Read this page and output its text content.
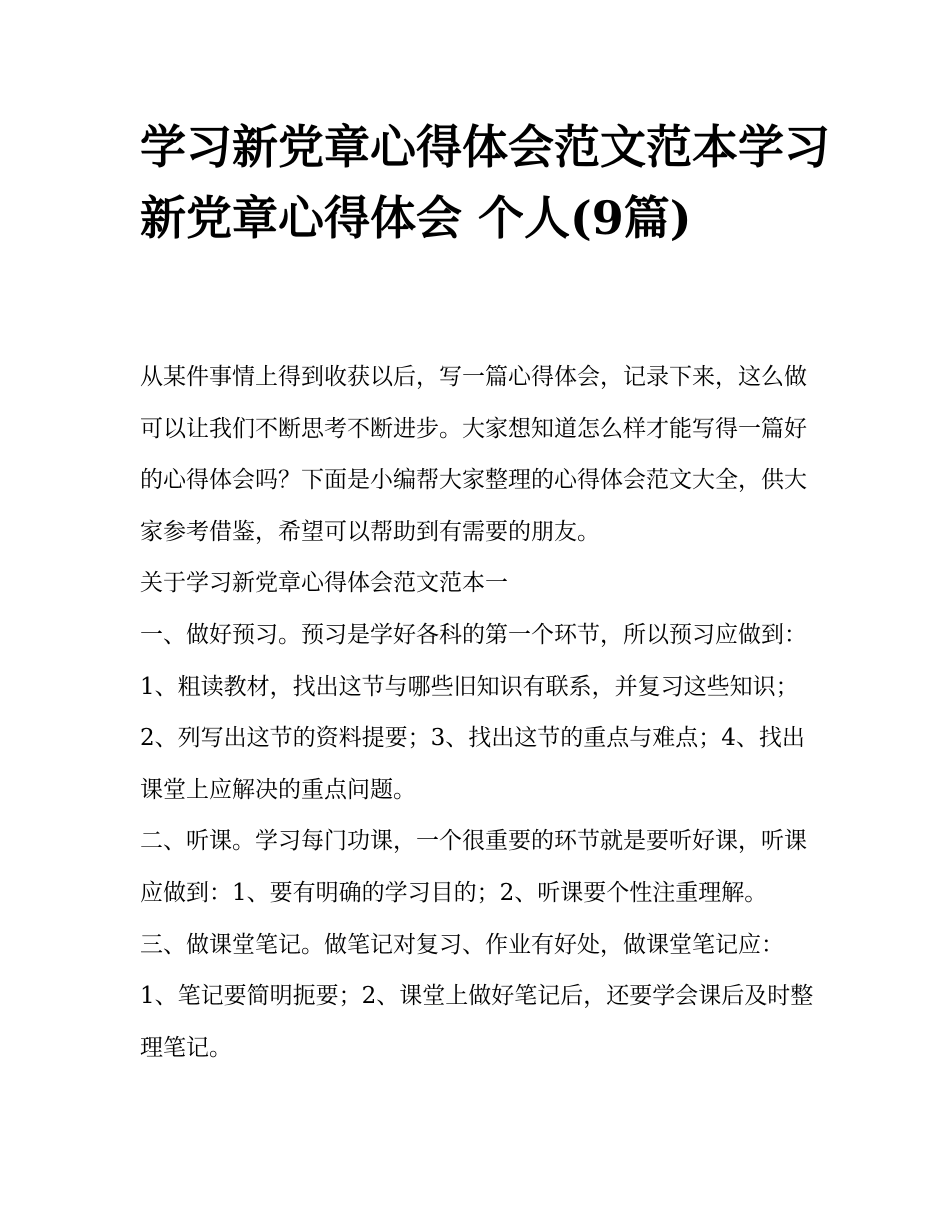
学习新党章心得体会范文范本学习新党章心得体会 个人(9篇)

从某件事情上得到收获以后，写一篇心得体会，记录下来，这么做可以让我们不断思考不断进步。大家想知道怎么样才能写得一篇好的心得体会吗？下面是小编帮大家整理的心得体会范文大全，供大家参考借鉴，希望可以帮助到有需要的朋友。

关于学习新党章心得体会范文范本一

一、做好预习。预习是学好各科的第一个环节，所以预习应做到：1、粗读教材，找出这节与哪些旧知识有联系，并复习这些知识；2、列写出这节的资料提要；3、找出这节的重点与难点；4、找出课堂上应解决的重点问题。

二、听课。学习每门功课，一个很重要的环节就是要听好课，听课应做到：1、要有明确的学习目的；2、听课要个性注重理解。

三、做课堂笔记。做笔记对复习、作业有好处，做课堂笔记应：1、笔记要简明扼要；2、课堂上做好笔记后，还要学会课后及时整理笔记。
